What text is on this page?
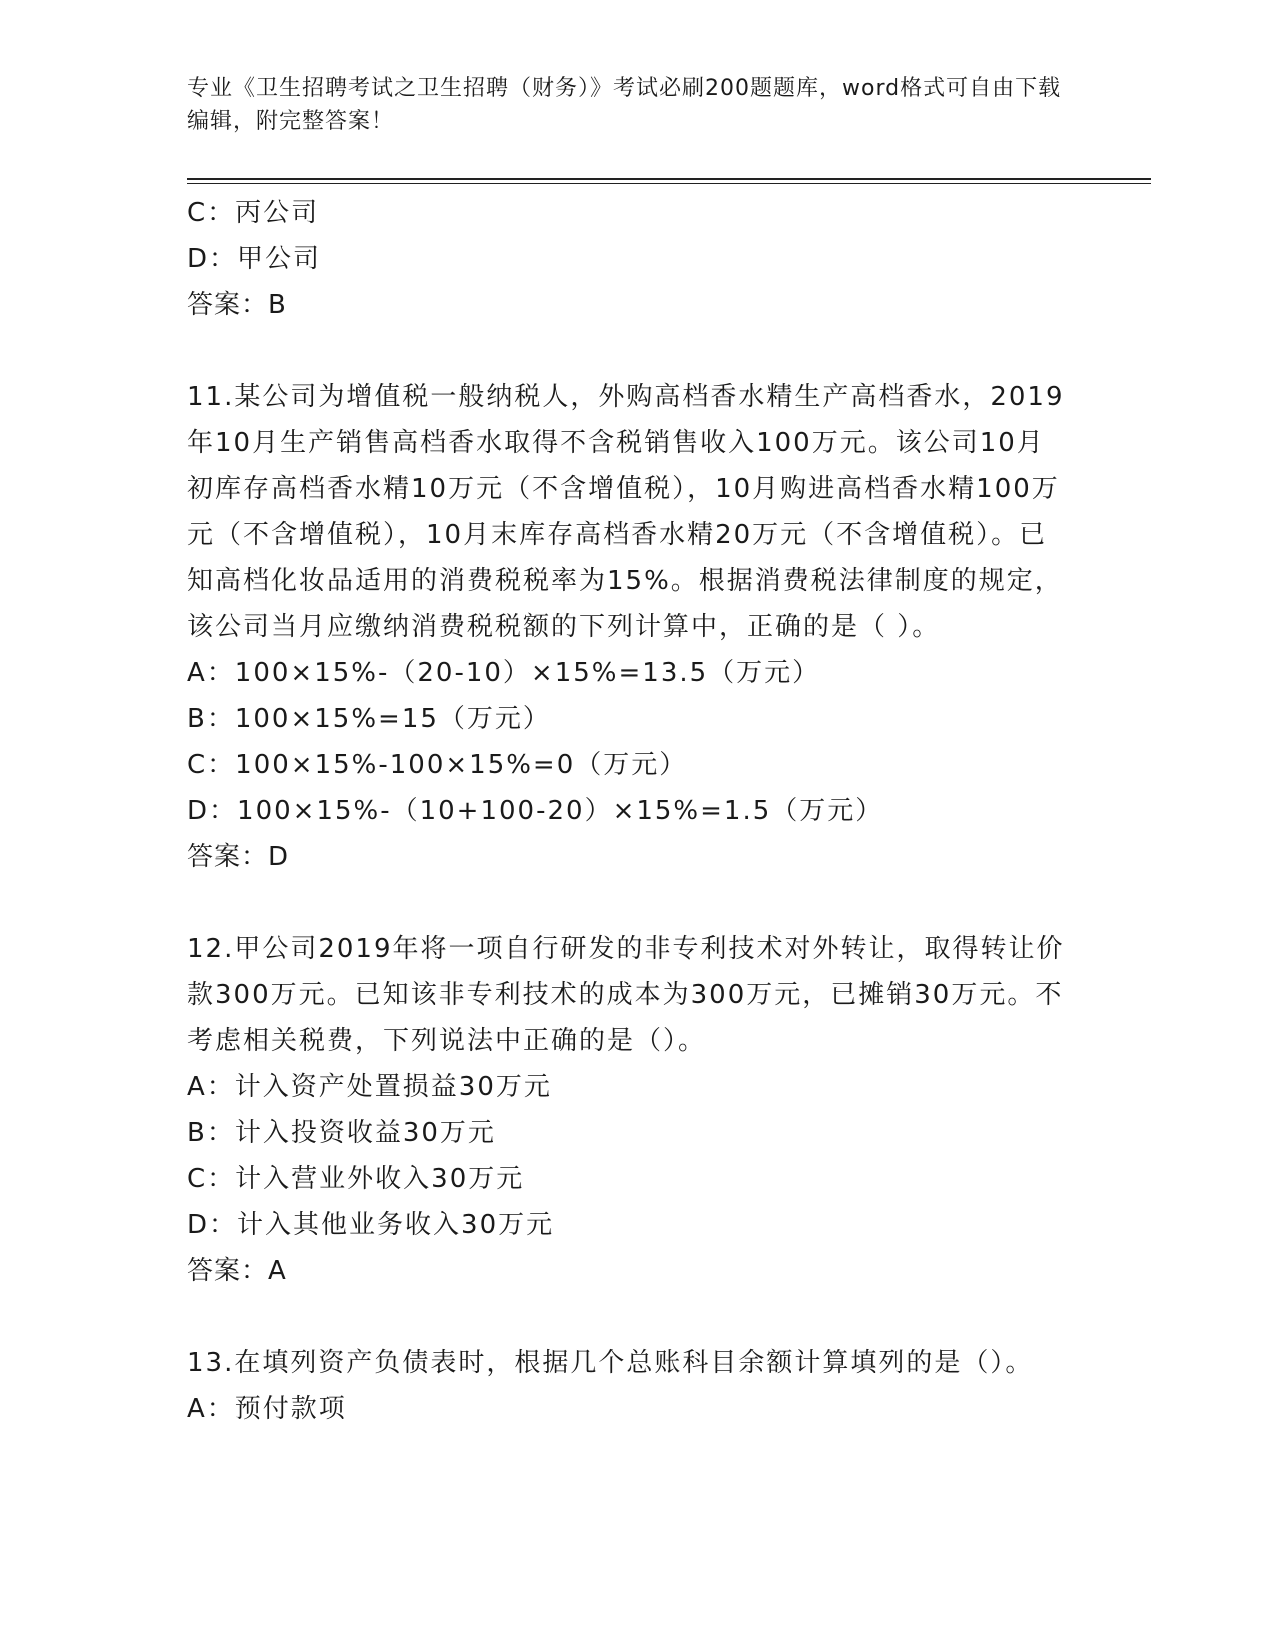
专业《卫生招聘考试之卫生招聘（财务）》考试必刷200题题库，word格式可自由下载编辑，附完整答案！
C：丙公司
D：甲公司
答案：B
11.某公司为增值税一般纳税人，外购高档香水精生产高档香水，2019年10月生产销售高档香水取得不含税销售收入100万元。该公司10月初库存高档香水精10万元（不含增值税），10月购进高档香水精100万元（不含增值税），10月末库存高档香水精20万元（不含增值税）。已知高档化妆品适用的消费税税率为15%。根据消费税法律制度的规定，该公司当月应缴纳消费税税额的下列计算中，正确的是（ ）。
A：100×15%-（20-10）×15%=13.5（万元）
B：100×15%=15（万元）
C：100×15%-100×15%=0（万元）
D：100×15%-（10+100-20）×15%=1.5（万元）
答案：D
12.甲公司2019年将一项自行研发的非专利技术对外转让，取得转让价款300万元。已知该非专利技术的成本为300万元，已摊销30万元。不考虑相关税费，下列说法中正确的是（）。
A：计入资产处置损益30万元
B：计入投资收益30万元
C：计入营业外收入30万元
D：计入其他业务收入30万元
答案：A
13.在填列资产负债表时，根据几个总账科目余额计算填列的是（）。
A：预付款项
